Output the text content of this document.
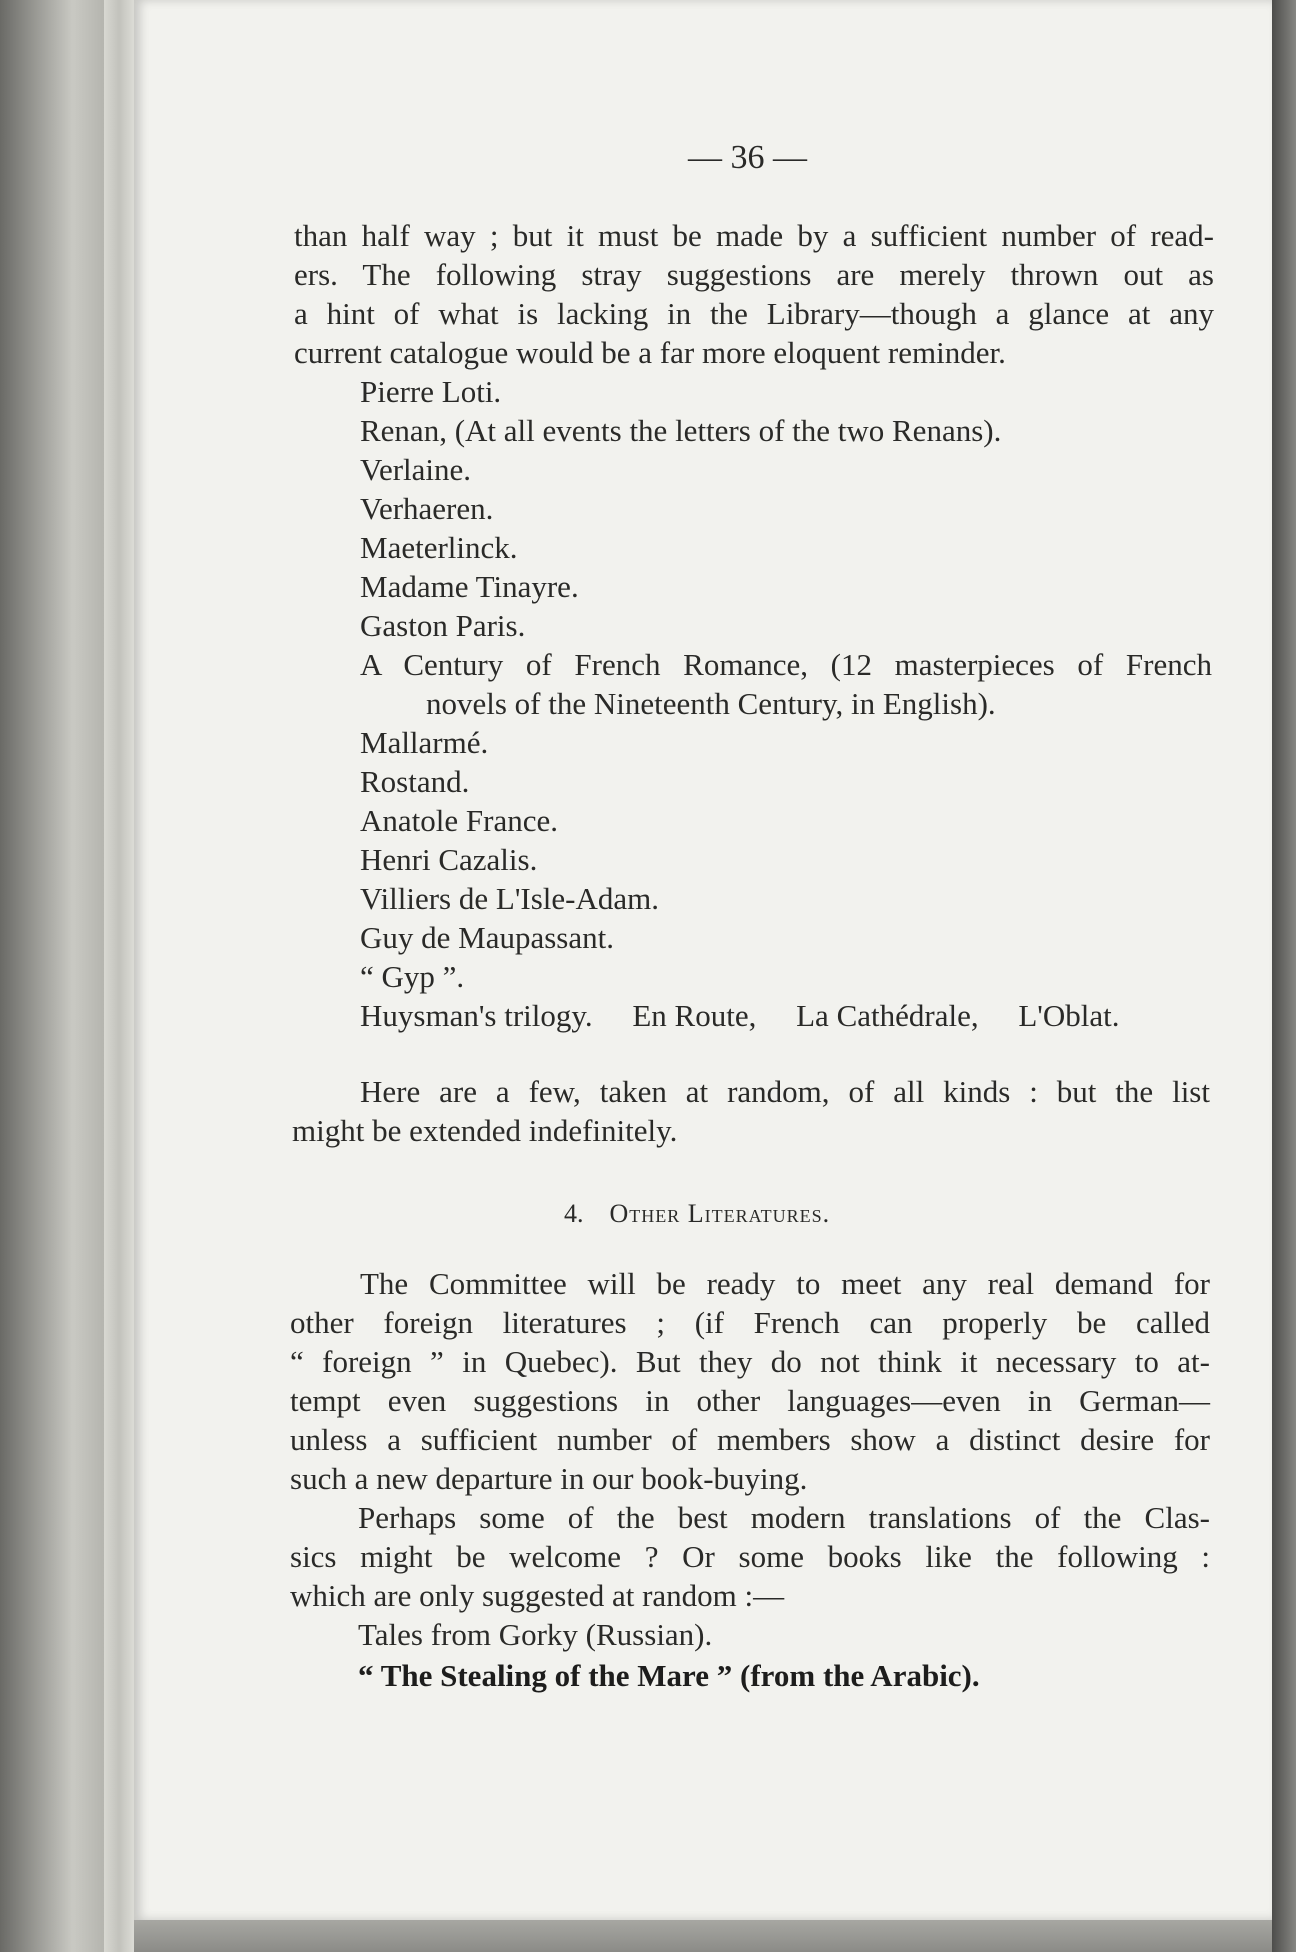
— 36 —
than half way ; but it must be made by a sufficient number of read-
ers. The following stray suggestions are merely thrown out as
a hint of what is lacking in the Library—though a glance at any
current catalogue would be a far more eloquent reminder.
Pierre Loti.
Renan, (At all events the letters of the two Renans).
Verlaine.
Verhaeren.
Maeterlinck.
Madame Tinayre.
Gaston Paris.
A Century of French Romance, (12 masterpieces of French
novels of the Nineteenth Century, in English).
Mallarmé.
Rostand.
Anatole France.
Henri Cazalis.
Villiers de L'Isle-Adam.
Guy de Maupassant.
“ Gyp ”.
Huysman's trilogy. En Route, La Cathédrale, L'Oblat.
Here are a few, taken at random, of all kinds : but the list
might be extended indefinitely.
4. Other Literatures.
The Committee will be ready to meet any real demand for
other foreign literatures ; (if French can properly be called
“ foreign ” in Quebec). But they do not think it necessary to at-
tempt even suggestions in other languages—even in German—
unless a sufficient number of members show a distinct desire for
such a new departure in our book-buying.
Perhaps some of the best modern translations of the Clas-
sics might be welcome ? Or some books like the following :
which are only suggested at random :—
Tales from Gorky (Russian).
“ The Stealing of the Mare ” (from the Arabic).
